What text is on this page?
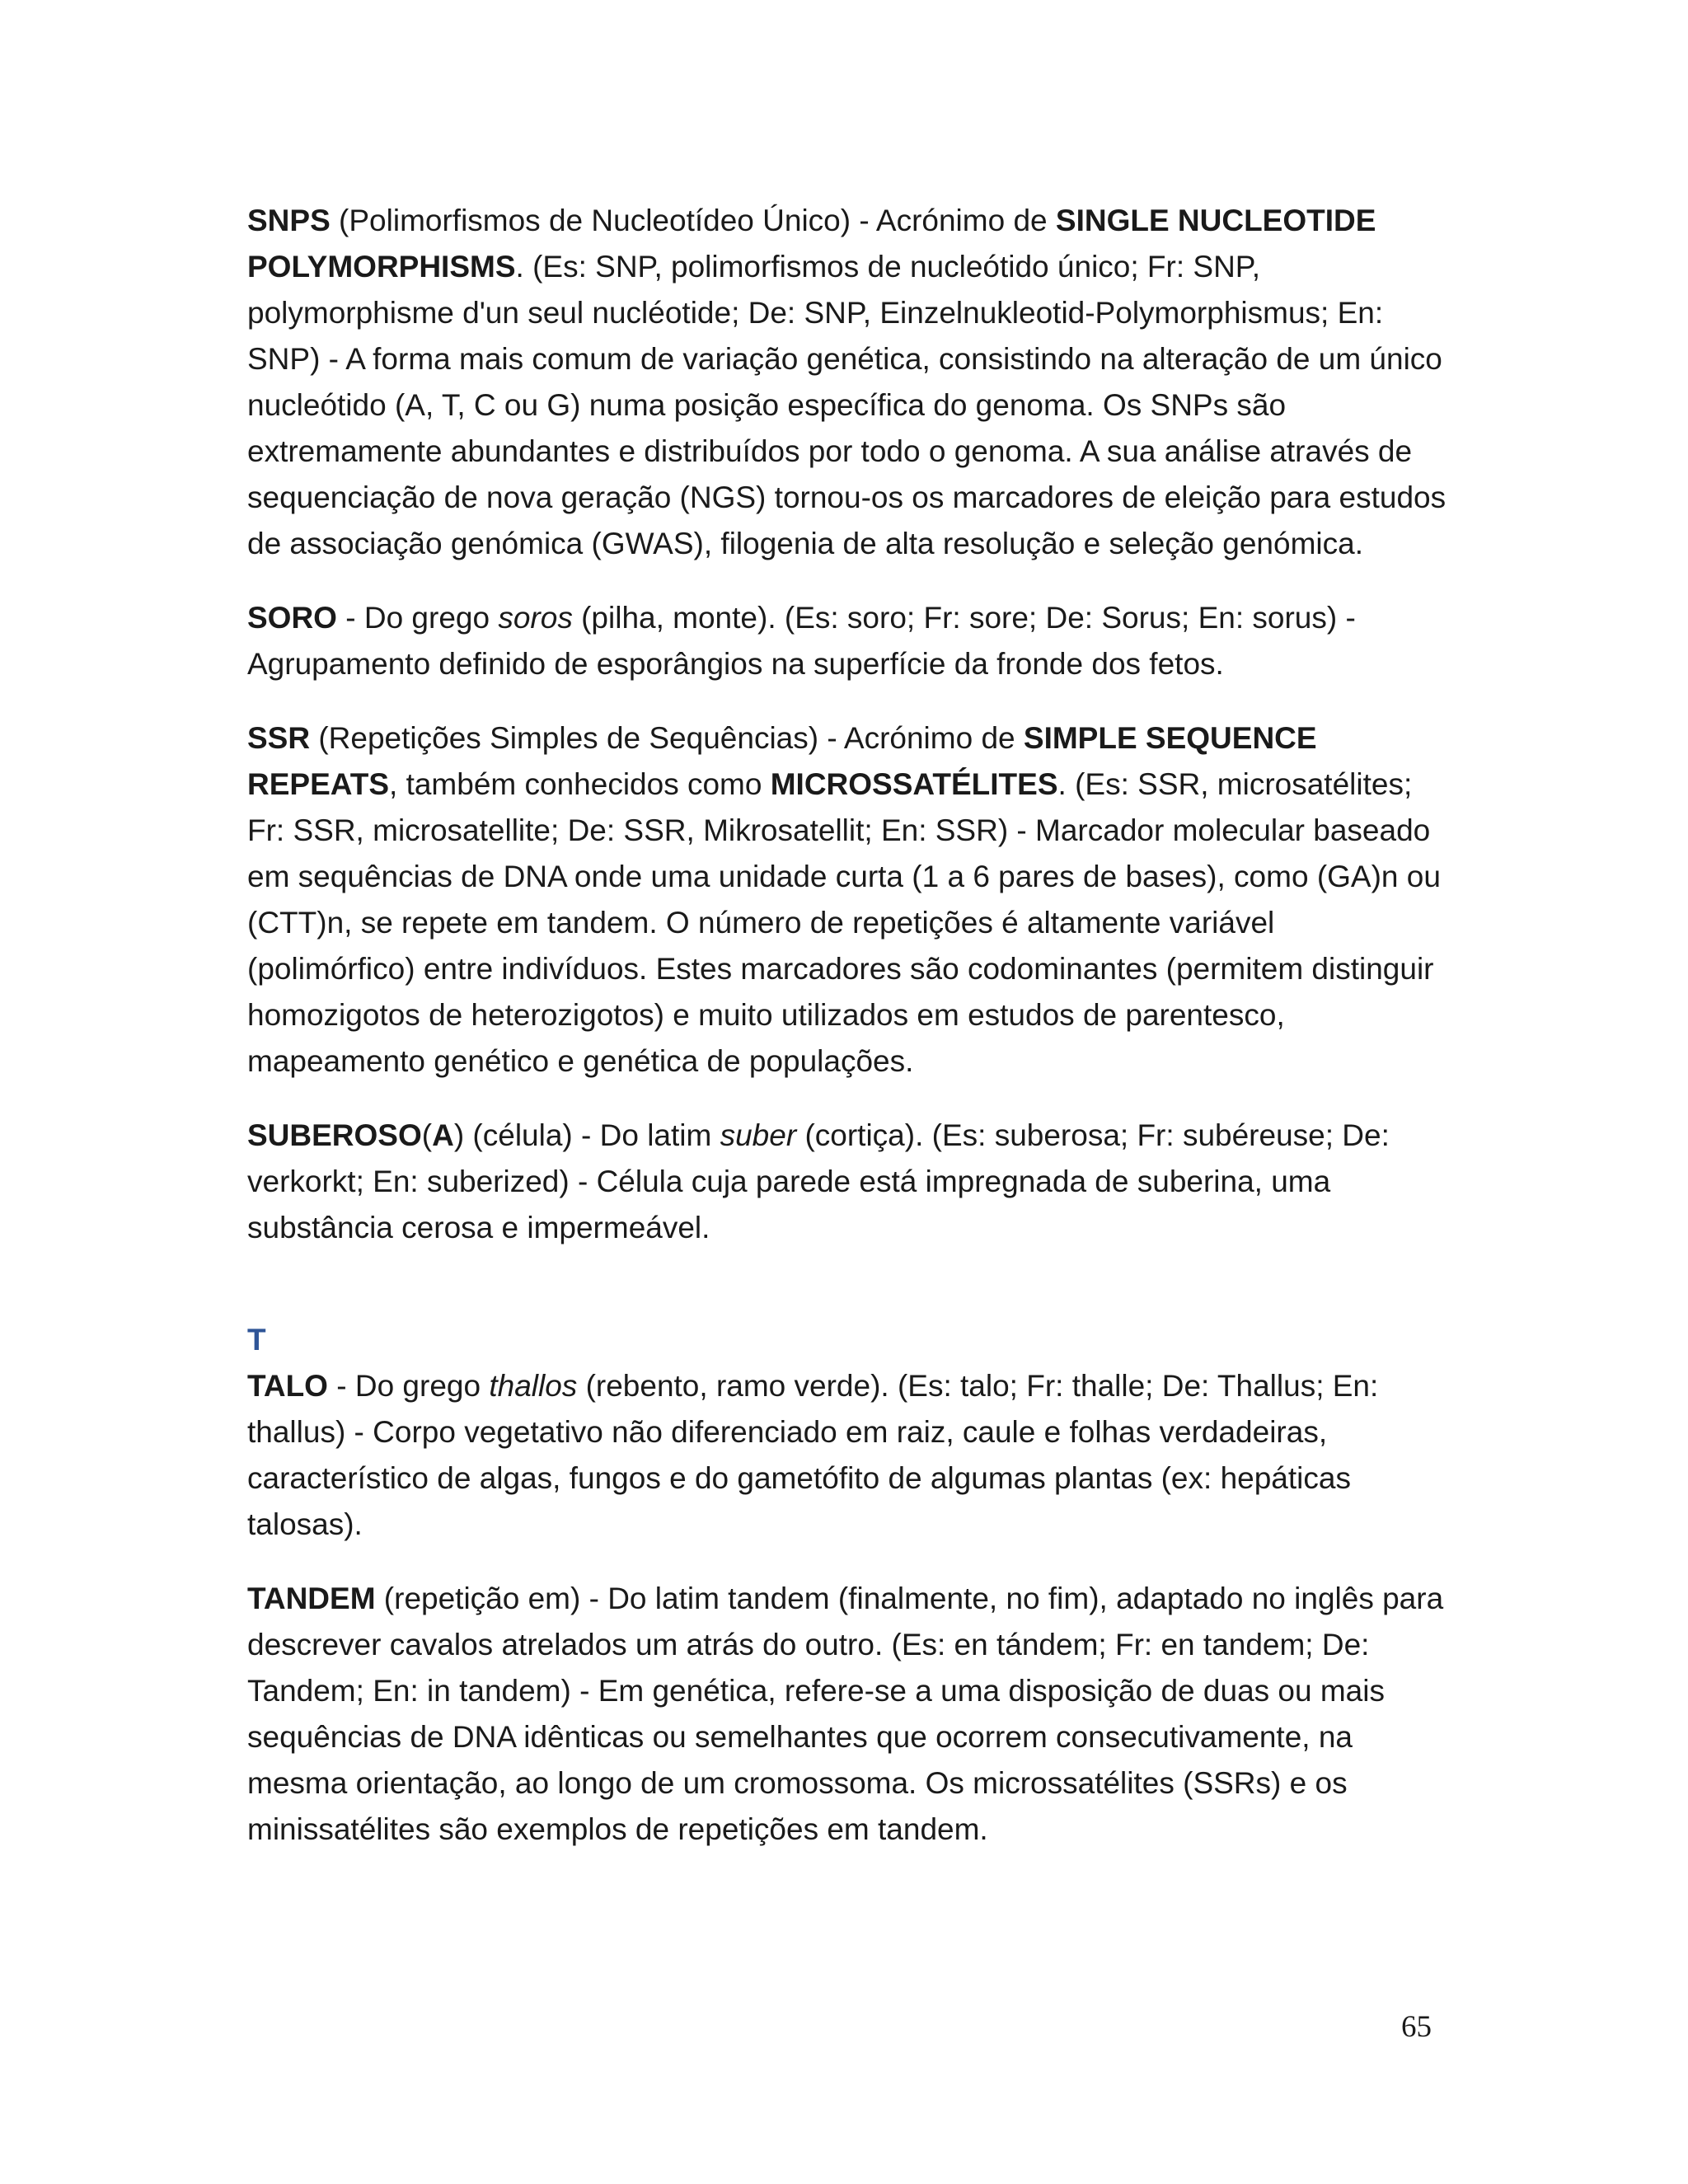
SNPS (Polimorfismos de Nucleotídeo Único) - Acrónimo de SINGLE NUCLEOTIDE POLYMORPHISMS. (Es: SNP, polimorfismos de nucleótido único; Fr: SNP, polymorphisme d'un seul nucléotide; De: SNP, Einzelnukleotid-Polymorphismus; En: SNP) - A forma mais comum de variação genética, consistindo na alteração de um único nucleótido (A, T, C ou G) numa posição específica do genoma. Os SNPs são extremamente abundantes e distribuídos por todo o genoma. A sua análise através de sequenciação de nova geração (NGS) tornou-os os marcadores de eleição para estudos de associação genómica (GWAS), filogenia de alta resolução e seleção genómica.

SORO - Do grego soros (pilha, monte). (Es: soro; Fr: sore; De: Sorus; En: sorus) - Agrupamento definido de esporângios na superfície da fronde dos fetos.

SSR (Repetições Simples de Sequências) - Acrónimo de SIMPLE SEQUENCE REPEATS, também conhecidos como MICROSSATÉLITES. (Es: SSR, microsatélites; Fr: SSR, microsatellite; De: SSR, Mikrosatellit; En: SSR) - Marcador molecular baseado em sequências de DNA onde uma unidade curta (1 a 6 pares de bases), como (GA)n ou (CTT)n, se repete em tandem. O número de repetições é altamente variável (polimórfico) entre indivíduos. Estes marcadores são codominantes (permitem distinguir homozigotos de heterozigotos) e muito utilizados em estudos de parentesco, mapeamento genético e genética de populações.

SUBEROSO(A) (célula) - Do latim suber (cortiça). (Es: suberosa; Fr: subéreuse; De: verkorkt; En: suberized) - Célula cuja parede está impregnada de suberina, uma substância cerosa e impermeável.

T

TALO - Do grego thallos (rebento, ramo verde). (Es: talo; Fr: thalle; De: Thallus; En: thallus) - Corpo vegetativo não diferenciado em raiz, caule e folhas verdadeiras, característico de algas, fungos e do gametófito de algumas plantas (ex: hepáticas talosas).

TANDEM (repetição em) - Do latim tandem (finalmente, no fim), adaptado no inglês para descrever cavalos atrelados um atrás do outro. (Es: en tándem; Fr: en tandem; De: Tandem; En: in tandem) - Em genética, refere-se a uma disposição de duas ou mais sequências de DNA idênticas ou semelhantes que ocorrem consecutivamente, na mesma orientação, ao longo de um cromossoma. Os microssatélites (SSRs) e os minissatélites são exemplos de repetições em tandem.

65
